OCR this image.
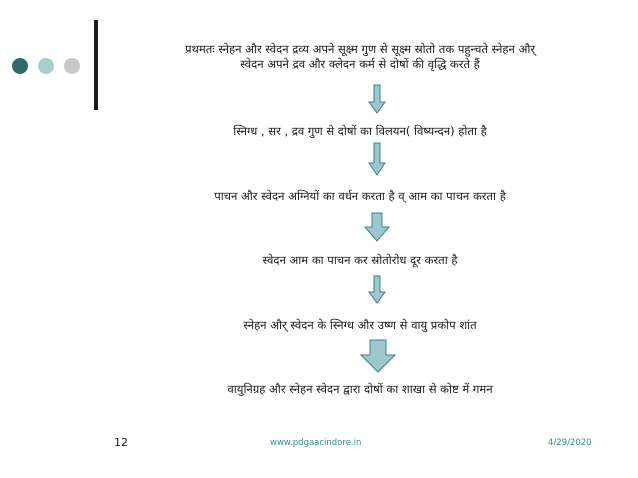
प्रथमतः स्नेहन और स्वेदन द्रव्य अपने सूक्ष्म गुण से सूक्ष्म स्रोतो तक पहुन्चते स्नेहन और्
स्वेदन अपने द्रव और क्लेदन कर्म से दोषों की वृद्धि करते हैं
स्निग्ध , सर , द्रव गुण से दोषों का विलयन( विष्यन्दन) होता है
पाचन और स्वेदन अग्नियों का वर्धन करता है व् आम का पाचन करता है
स्वेदन आम का पाचन कर स्रोतोरोध दूर करता है
स्नेहन और् स्वेदन के स्निग्ध और उष्ण से वायु प्रकोप शांत
वायुनिग्रह और स्नेहन स्वेदन द्वारा दोषों का शाखा से कोष्ट में गमन
12	www.pdgaacindore.in	4/29/2020
